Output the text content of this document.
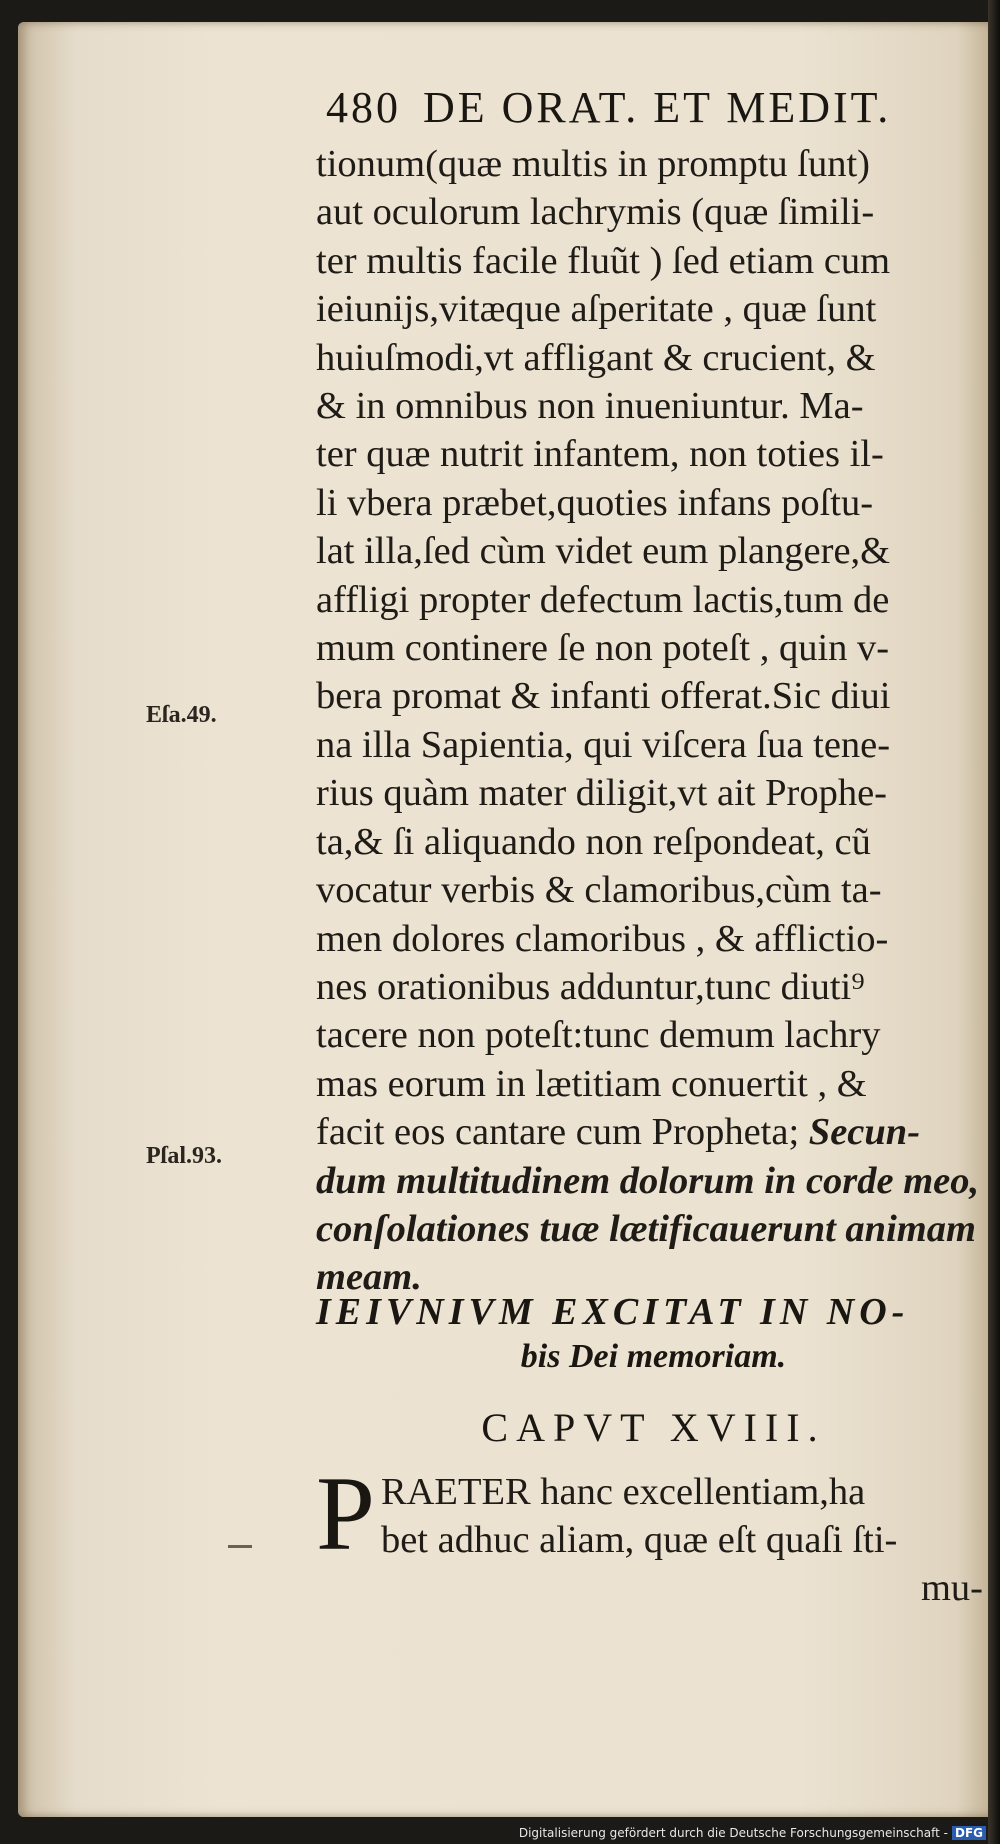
480 DE ORAT. ET MEDIT.
tionum(quæ multis in promptu ſunt)
aut oculorum lachrymis (quæ ſimili-
ter multis facile fluũt ) ſed etiam cum
ieiunijs,vitæque aſperitate , quæ ſunt
huiuſmodi,vt affligant & crucient, &
& in omnibus non inueniuntur. Ma-
ter quæ nutrit infantem, non toties il-
li vbera præbet,quoties infans poſtu-
lat illa,ſed cùm videt eum plangere,&
affligi propter defectum lactis,tum de
mum continere ſe non poteſt , quin v-
bera promat & infanti offerat.Sic diui
na illa Sapientia, qui viſcera ſua tene-
rius quàm mater diligit,vt ait Prophe-
ta,& ſi aliquando non reſpondeat, cũ
vocatur verbis & clamoribus,cùm ta-
men dolores clamoribus , & afflictio-
nes orationibus adduntur,tunc diuti⁹
tacere non poteſt:tunc demum lachry
mas eorum in lætitiam conuertit , &
facit eos cantare cum Propheta; Secun-
dum multitudinem dolorum in corde meo,
conſolationes tuæ lætificauerunt animam
meam.
Eſa.49.
Pſal.93.
IEIVNIVM EXCITAT IN NO-
bis Dei memoriam.
CAPVT XVIII.
P RAETER hanc excellentiam,ha
bet adhuc aliam, quæ eſt quaſi ſti-
mu-
Digitalisierung gefördert durch die Deutsche Forschungsgemeinschaft - DFG
